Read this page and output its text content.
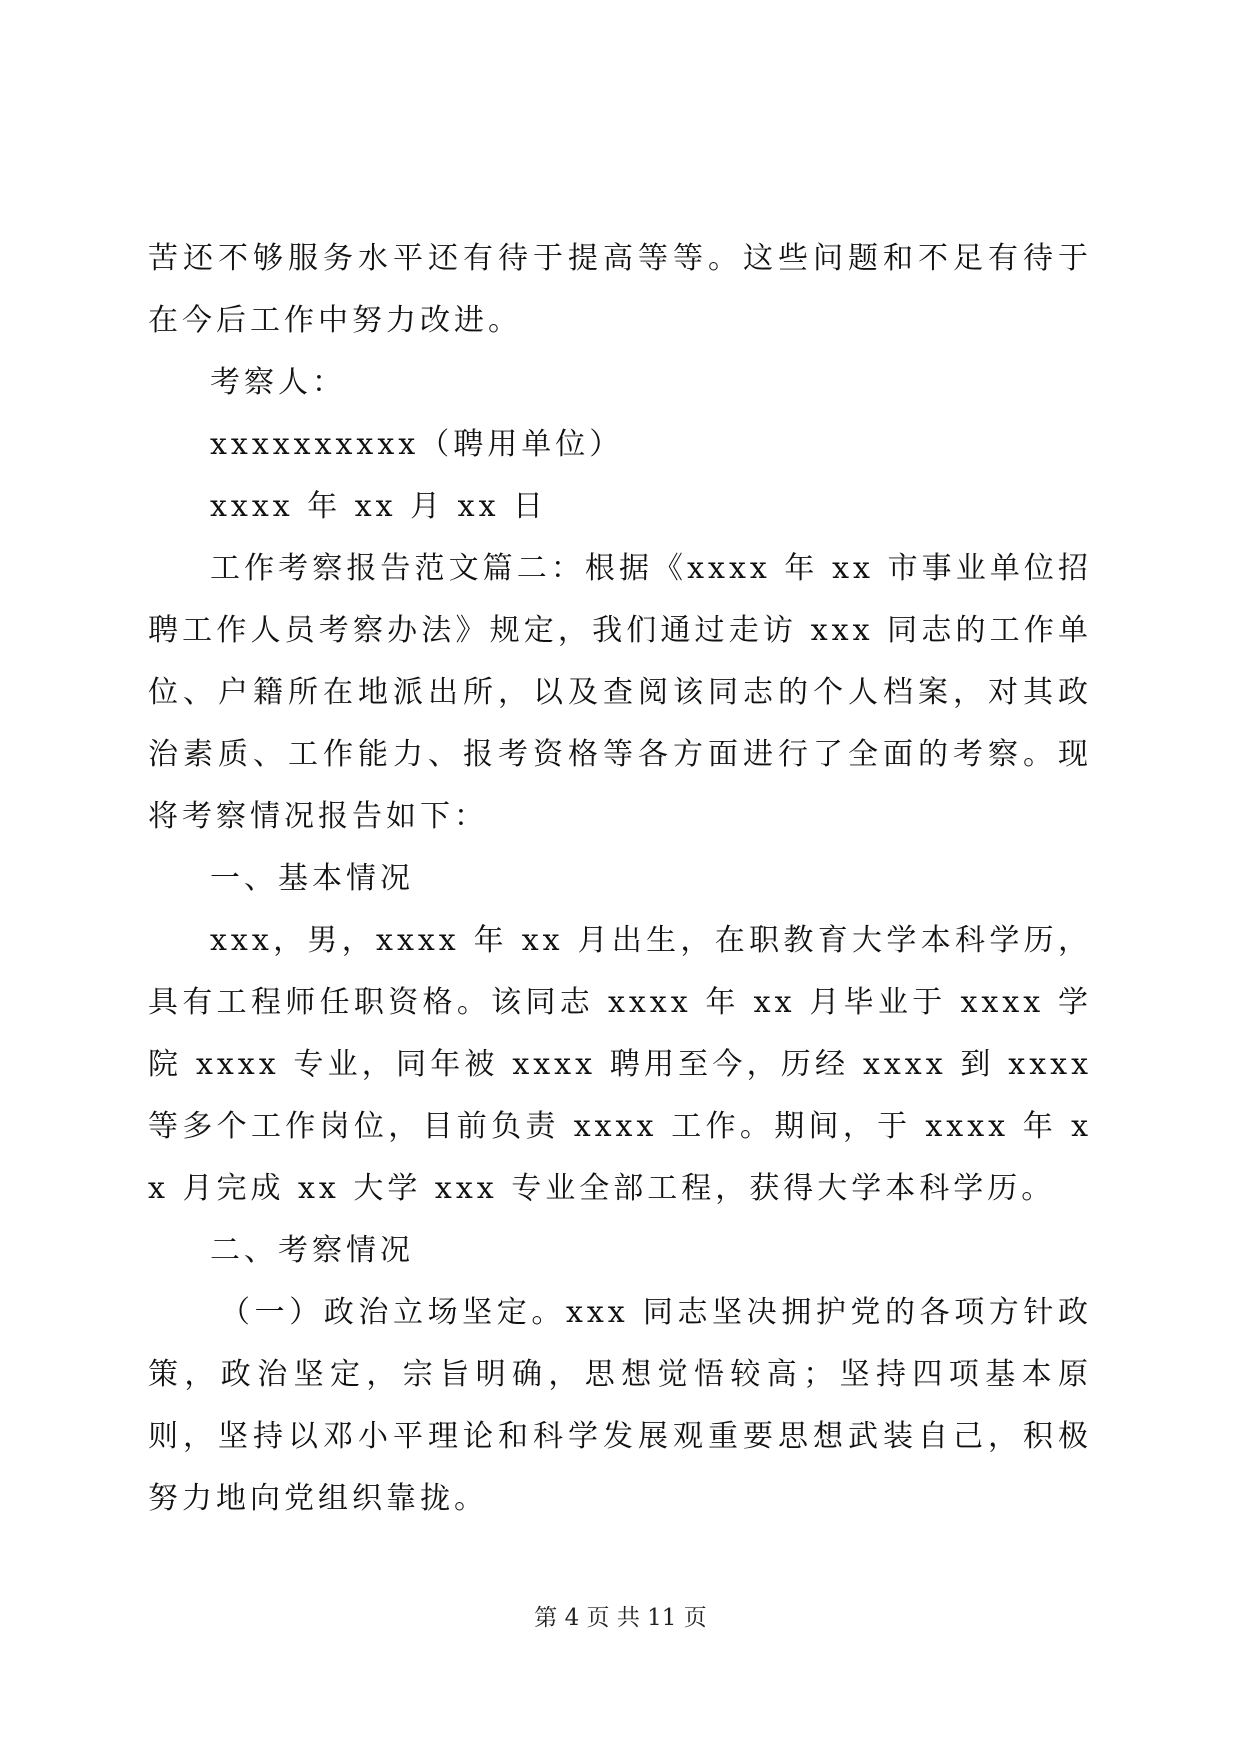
苦还不够服务水平还有待于提高等等。这些问题和不足有待于在今后工作中努力改进。

考察人：

xxxxxxxxxx（聘用单位）

xxxx 年 xx 月 xx 日

工作考察报告范文篇二：根据《xxxx 年 xx 市事业单位招聘工作人员考察办法》规定，我们通过走访 xxx 同志的工作单位、户籍所在地派出所，以及查阅该同志的个人档案，对其政治素质、工作能力、报考资格等各方面进行了全面的考察。现将考察情况报告如下：

一、基本情况

xxx，男，xxxx 年 xx 月出生，在职教育大学本科学历，具有工程师任职资格。该同志 xxxx 年 xx 月毕业于 xxxx 学院 xxxx 专业，同年被 xxxx 聘用至今，历经 xxxx 到 xxxx 等多个工作岗位，目前负责 xxxx 工作。期间，于 xxxx 年 xx 月完成 xx 大学 xxx 专业全部工程，获得大学本科学历。

二、考察情况

（一）政治立场坚定。xxx 同志坚决拥护党的各项方针政策，政治坚定，宗旨明确，思想觉悟较高；坚持四项基本原则，坚持以邓小平理论和科学发展观重要思想武装自己，积极努力地向党组织靠拢。

第 4 页 共 11 页
